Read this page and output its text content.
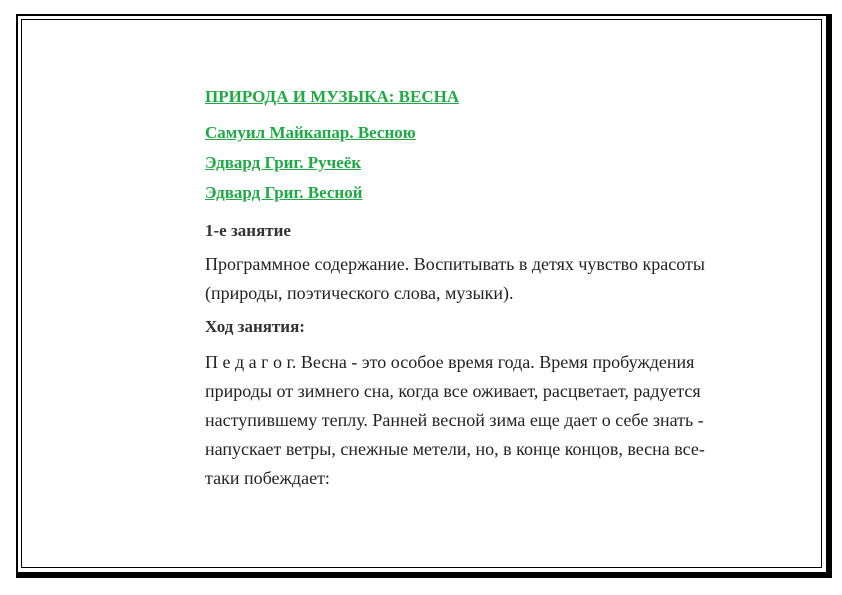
ПРИРОДА И МУЗЫКА: ВЕСНА
Самуил Майкапар. Весною
Эдвард Григ. Ручеёк
Эдвард Григ. Весной
1-е занятие

Программное содержание. Воспитывать в детях чувство красоты (природы, поэтического слова, музыки).

Ход занятия:

П е д а г о г. Весна - это особое время года. Время пробуждения природы от зимнего сна, когда все оживает, расцветает, радуется наступившему теплу. Ранней весной зима еще дает о себе знать - напускает ветры, снежные метели, но, в конце концов, весна все-таки побеждает:
